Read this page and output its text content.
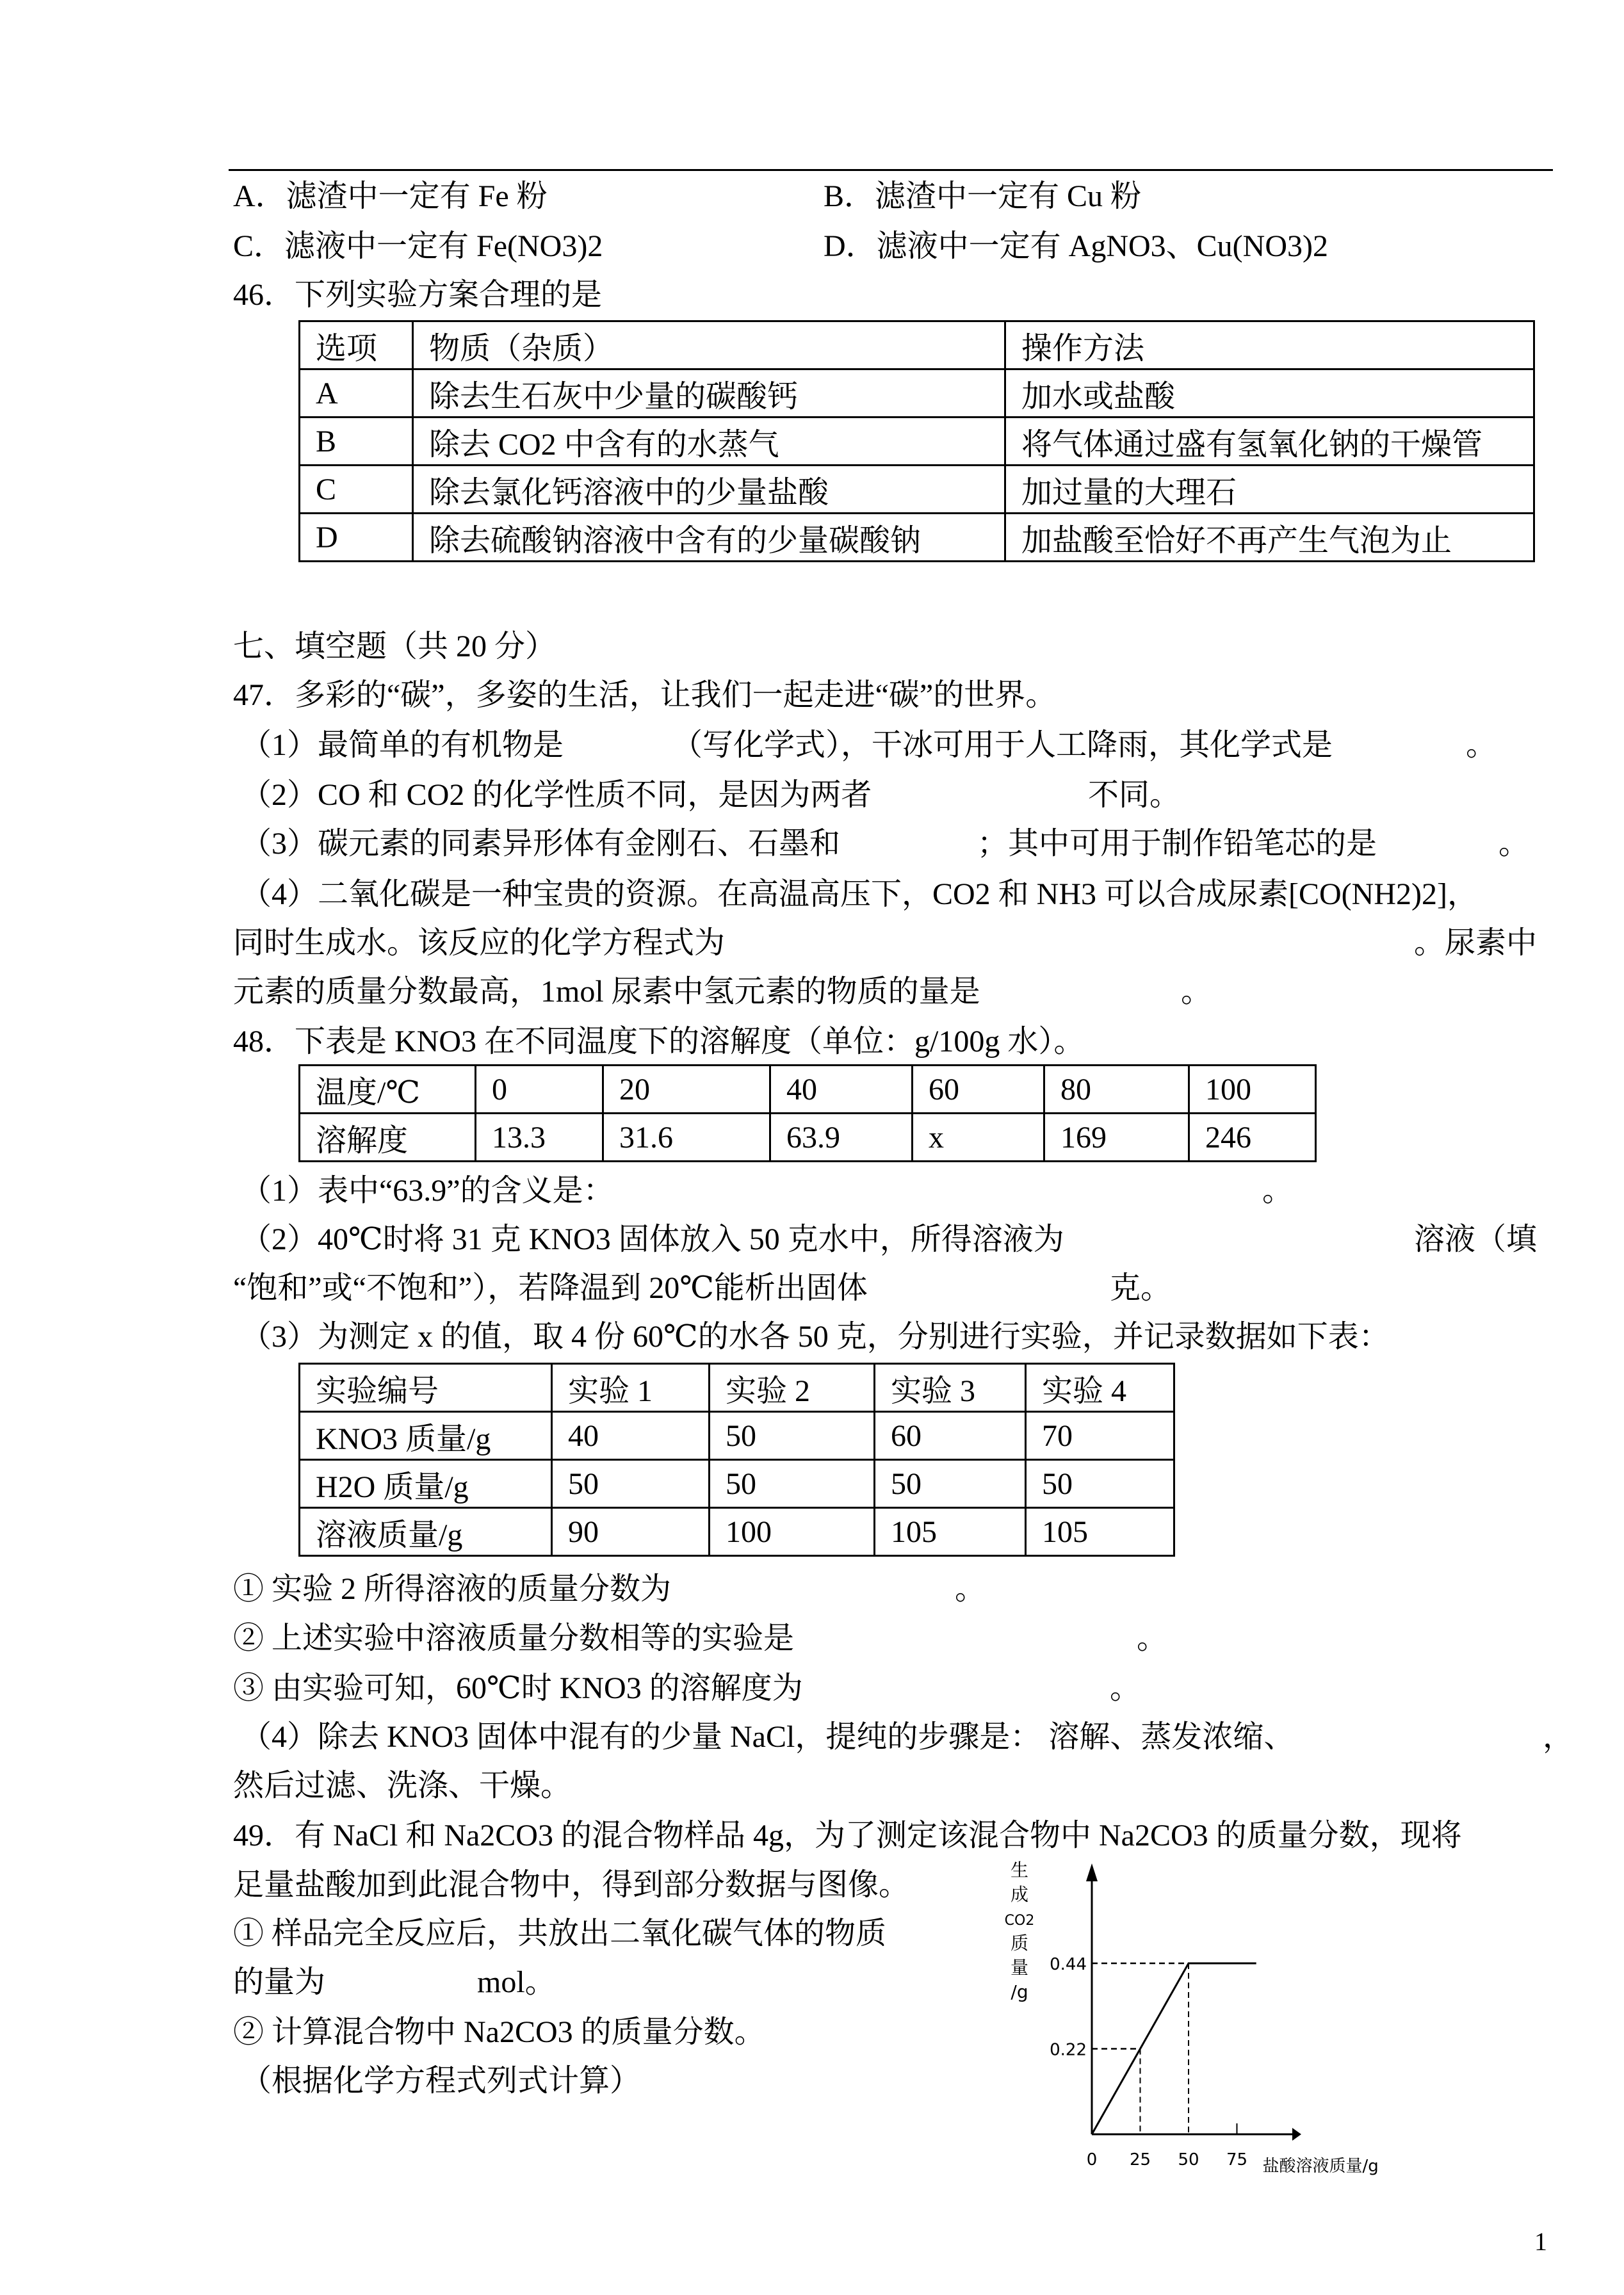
A．滤渣中一定有 Fe 粉	B．滤渣中一定有 Cu 粉
C．滤液中一定有 Fe(NO3)2	D．滤液中一定有 AgNO3、Cu(NO3)2
46．下列实验方案合理的是
选项	物质（杂质）	操作方法
A	除去生石灰中少量的碳酸钙	加水或盐酸
B	除去 CO2 中含有的水蒸气	将气体通过盛有氢氧化钠的干燥管
C	除去氯化钙溶液中的少量盐酸	加过量的大理石
D	除去硫酸钠溶液中含有的少量碳酸钠	加盐酸至恰好不再产生气泡为止
七、填空题（共 20 分）
47．多彩的“碳”，多姿的生活，让我们一起走进“碳”的世界。
（1）最简单的有机物是	（写化学式），干冰可用于人工降雨，其化学式是	。
（2）CO 和 CO2 的化学性质不同，是因为两者	不同。
（3）碳元素的同素异形体有金刚石、石墨和	；其中可用于制作铅笔芯的是	。
（4）二氧化碳是一种宝贵的资源。在高温高压下，CO2 和 NH3 可以合成尿素[CO(NH2)2]，
同时生成水。该反应的化学方程式为	。尿素中
元素的质量分数最高，1mol 尿素中氢元素的物质的量是	。
48．下表是 KNO3 在不同温度下的溶解度（单位：g/100g 水）。
温度/℃	0	20	40	60	80	100
溶解度	13.3	31.6	63.9	x	169	246
（1）表中“63.9”的含义是：	。
（2）40℃时将 31 克 KNO3 固体放入 50 克水中，所得溶液为	溶液（填
“饱和”或“不饱和”），若降温到 20℃能析出固体	克。
（3）为测定 x 的值，取 4 份 60℃的水各 50 克，分别进行实验，并记录数据如下表：
实验编号	实验 1	实验 2	实验 3	实验 4
KNO3 质量/g	40	50	60	70
H2O 质量/g	50	50	50	50
溶液质量/g	90	100	105	105
① 实验 2 所得溶液的质量分数为	。
② 上述实验中溶液质量分数相等的实验是	。
③ 由实验可知，60℃时 KNO3 的溶解度为	。
（4）除去 KNO3 固体中混有的少量 NaCl，提纯的步骤是： 溶解、蒸发浓缩、	，
然后过滤、洗涤、干燥。
49．有 NaCl 和 Na2CO3 的混合物样品 4g，为了测定该混合物中 Na2CO3 的质量分数，现将
足量盐酸加到此混合物中，得到部分数据与图像。
① 样品完全反应后，共放出二氧化碳气体的物质
的量为	mol。
② 计算混合物中 Na2CO3 的质量分数。
（根据化学方程式列式计算）
0 25 50 75
0.22
0.44
生
成
CO2
质
量
/g
盐酸溶液质量/g
1
